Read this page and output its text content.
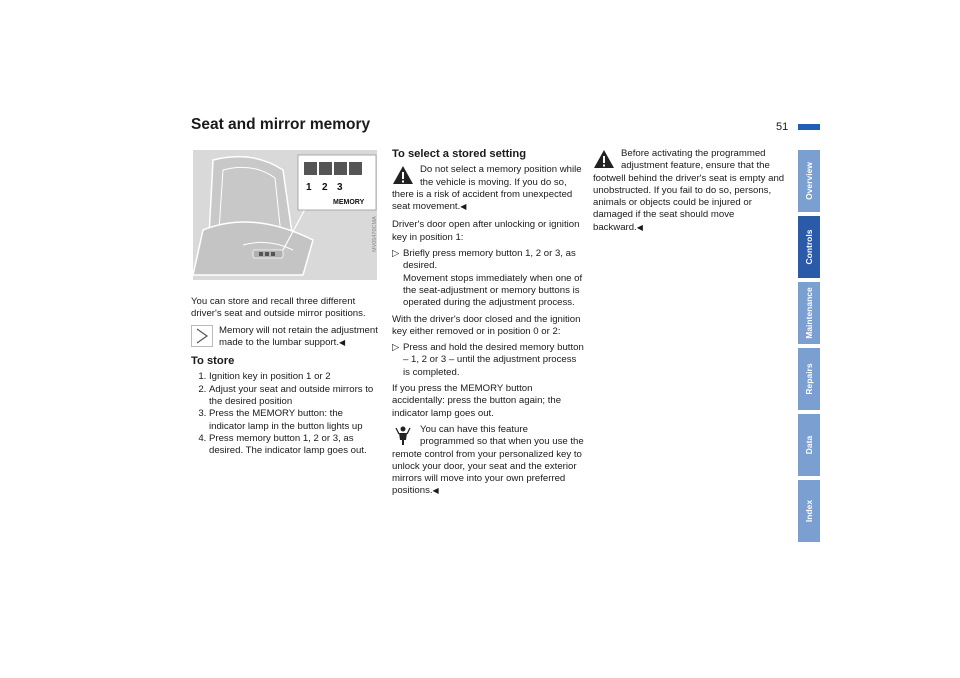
51
Seat and mirror memory
Overview
Controls
Maintenance
Repairs
Data
Index
1 2 3
MEMORY
MV05470CMA

You can store and recall three different driver's seat and outside mirror positions.

Memory will not retain the adjustment made to the lumbar support.◀
To store
1. Ignition key in position 1 or 2
2. Adjust your seat and outside mirrors to the desired position
3. Press the MEMORY button: the indicator lamp in the button lights up
4. Press memory button 1, 2 or 3, as desired. The indicator lamp goes out.
To select a stored setting
Do not select a memory position while the vehicle is moving. If you do so, there is a risk of accident from unexpected seat movement.◀

Driver's door open after unlocking or ignition key in position 1:

▷ Briefly press memory button 1, 2 or 3, as desired.
Movement stops immediately when one of the seat-adjustment or memory buttons is operated during the adjustment process.

With the driver's door closed and the ignition key either removed or in position 0 or 2:

▷ Press and hold the desired memory button – 1, 2 or 3 – until the adjustment process is completed.

If you press the MEMORY button accidentally: press the button again; the indicator lamp goes out.

You can have this feature programmed so that when you use the remote control from your personalized key to unlock your door, your seat and the exterior mirrors will move into your own preferred positions.◀
Before activating the programmed adjustment feature, ensure that the footwell behind the driver's seat is empty and unobstructed. If you fail to do so, persons, animals or objects could be injured or damaged if the seat should move backward.◀
